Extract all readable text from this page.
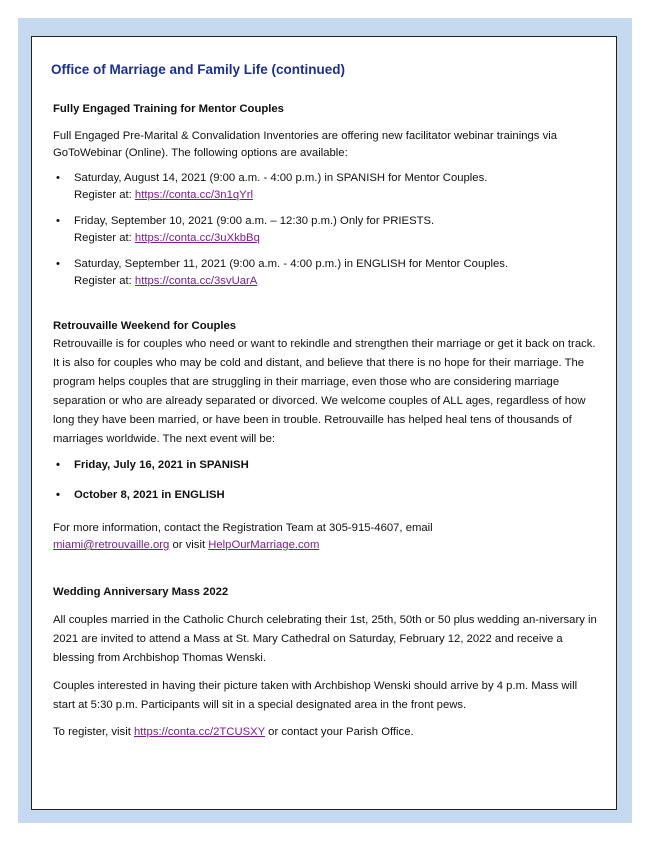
Office of Marriage and Family Life (continued)

Fully Engaged Training for Mentor Couples

Full Engaged Pre-Marital & Convalidation Inventories are offering new facilitator webinar trainings via GoToWebinar (Online). The following options are available:

• Saturday, August 14, 2021 (9:00 a.m. - 4:00 p.m.) in SPANISH for Mentor Couples.
Register at: https://conta.cc/3n1qYrl
• Friday, September 10, 2021 (9:00 a.m. – 12:30 p.m.) Only for PRIESTS.
Register at: https://conta.cc/3uXkbBq
• Saturday, September 11, 2021 (9:00 a.m. - 4:00 p.m.) in ENGLISH for Mentor Couples.
Register at: https://conta.cc/3svUarA

Retrouvaille Weekend for Couples

Retrouvaille is for couples who need or want to rekindle and strengthen their marriage or get it back on track. It is also for couples who may be cold and distant, and believe that there is no hope for their marriage. The program helps couples that are struggling in their marriage, even those who are considering marriage separation or who are already separated or divorced. We welcome couples of ALL ages, regardless of how long they have been married, or have been in trouble. Retrouvaille has helped heal tens of thousands of marriages worldwide. The next event will be:

• Friday, July 16, 2021 in SPANISH
• October 8, 2021 in ENGLISH

For more information, contact the Registration Team at 305-915-4607, email
miami@retrouvaille.org or visit HelpOurMarriage.com

Wedding Anniversary Mass 2022

All couples married in the Catholic Church celebrating their 1st, 25th, 50th or 50 plus wedding an-niversary in 2021 are invited to attend a Mass at St. Mary Cathedral on Saturday, February 12, 2022 and receive a blessing from Archbishop Thomas Wenski.

Couples interested in having their picture taken with Archbishop Wenski should arrive by 4 p.m. Mass will start at 5:30 p.m. Participants will sit in a special designated area in the front pews.

To register, visit https://conta.cc/2TCUSXY or contact your Parish Office.
